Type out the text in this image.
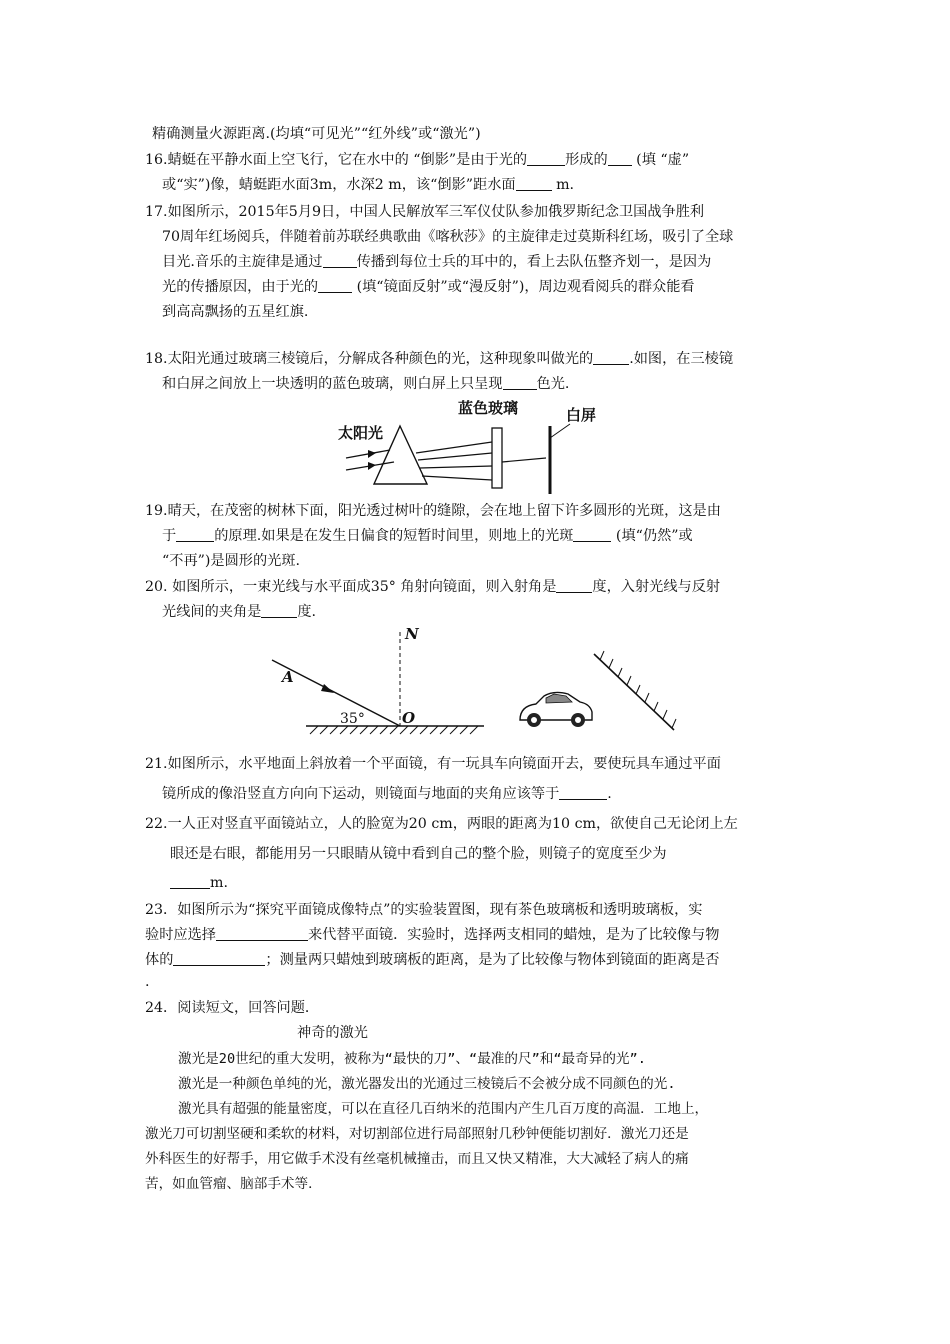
精确测量火源距离.(均填“可见光”“红外线”或“激光”)
16.蜻蜓在平静水面上空飞行，它在水中的 “倒影”是由于光的	形成的 (填 “虚”
或“实”)像，蜻蜓距水面3m，水深2 m，该“倒影”距水面	m.
17.如图所示，2015年5月9日，中国人民解放军三军仪仗队参加俄罗斯纪念卫国战争胜利
70周年红场阅兵，伴随着前苏联经典歌曲《喀秋莎》的主旋律走过莫斯科红场，吸引了全球
目光.音乐的主旋律是通过 传播到每位士兵的耳中的，看上去队伍整齐划一，是因为
光的传播原因，由于光的 (填“镜面反射”或“漫反射”)，周边观看阅兵的群众能看
到高高飘扬的五星红旗.
18.太阳光通过玻璃三棱镜后，分解成各种颜色的光，这种现象叫做光的	.如图，在三棱镜
和白屏之间放上一块透明的蓝色玻璃，则白屏上只呈现 色光.
太阳光
蓝色玻璃	白屏
19.晴天，在茂密的树林下面，阳光透过树叶的缝隙，会在地上留下许多圆形的光斑，这是由
于	的原理.如果是在发生日偏食的短暂时间里，则地上的光斑	(填“仍然”或
“不再”)是圆形的光斑.
20. 如图所示，一束光线与水平面成35° 角射向镜面，则入射角是	度，入射光线与反射
光线间的夹角是	度.
N
A
O
35°
21.如图所示，水平地面上斜放着一个平面镜，有一玩具车向镜面开去，要使玩具车通过平面
镜所成的像沿竖直方向向下运动，则镜面与地面的夹角应该等于	.
22.一人正对竖直平面镜站立，人的脸宽为20 cm，两眼的距离为10 cm，欲使自己无论闭上左
眼还是右眼，都能用另一只眼睛从镜中看到自己的整个脸，则镜子的宽度至少为
m.
23．如图所示为“探究平面镜成像特点”的实验装置图，现有茶色玻璃板和透明玻璃板，实
验时应选择	来代替平面镜．实验时，选择两支相同的蜡烛，是为了比较像与物
体的	；测量两只蜡烛到玻璃板的距离，是为了比较像与物体到镜面的距离是否
.
24．阅读短文，回答问题．
神奇的激光
激光是20世纪的重大发明，被称为“最快的刀”、“最准的尺”和“最奇异的光”.
激光是一种颜色单纯的光，激光器发出的光通过三棱镜后不会被分成不同颜色的光.
激光具有超强的能量密度，可以在直径几百纳米的范围内产生几百万度的高温．工地上，
激光刀可切割坚硬和柔软的材料，对切割部位进行局部照射几秒钟便能切割好．激光刀还是
外科医生的好帮手，用它做手术没有丝毫机械撞击，而且又快又精准，大大减轻了病人的痛
苦，如血管瘤、脑部手术等．
